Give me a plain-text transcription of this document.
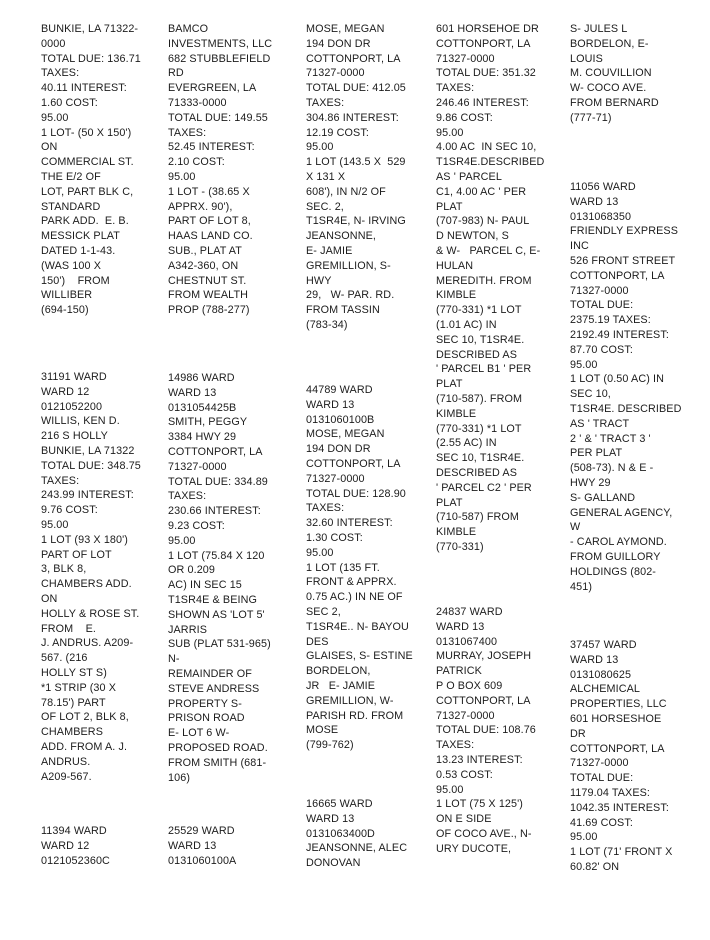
BUNKIE, LA 71322-
0000
TOTAL DUE: 136.71
TAXES:
40.11 INTEREST:
1.60 COST:
95.00
1 LOT- (50 X 150')
ON
COMMERCIAL ST.
THE E/2 OF
LOT, PART BLK C,
STANDARD
PARK ADD.  E. B.
MESSICK PLAT
DATED 1-1-43.
(WAS 100 X
150')    FROM
WILLIBER
(694-150)
31191 WARD
WARD 12
0121052200
WILLIS, KEN D.
216 S HOLLY
BUNKIE, LA 71322
TOTAL DUE: 348.75
TAXES:
243.99 INTEREST:
9.76 COST:
95.00
1 LOT (93 X 180')
PART OF LOT
3, BLK 8,
CHAMBERS ADD.
ON
HOLLY & ROSE ST.
FROM    E.
J. ANDRUS. A209-
567. (216
HOLLY ST S)
*1 STRIP (30 X
78.15') PART
OF LOT 2, BLK 8,
CHAMBERS
ADD. FROM A. J.
ANDRUS.
A209-567.
11394 WARD
WARD 12
0121052360C
BAMCO
INVESTMENTS, LLC
682 STUBBLEFIELD
RD
EVERGREEN, LA
71333-0000
TOTAL DUE: 149.55
TAXES:
52.45 INTEREST:
2.10 COST:
95.00
1 LOT - (38.65 X
APPRX. 90'),
PART OF LOT 8,
HAAS LAND CO.
SUB., PLAT AT
A342-360, ON
CHESTNUT ST.
FROM WEALTH
PROP (788-277)
14986 WARD
WARD 13
0131054425B
SMITH, PEGGY
3384 HWY 29
COTTONPORT, LA
71327-0000
TOTAL DUE: 334.89
TAXES:
230.66 INTEREST:
9.23 COST:
95.00
1 LOT (75.84 X 120
OR 0.209
AC) IN SEC 15
T1SR4E & BEING
SHOWN AS 'LOT 5'
JARRIS
SUB (PLAT 531-965)
N-
REMAINDER OF
STEVE ANDRESS
PROPERTY S-
PRISON ROAD
E- LOT 6 W-
PROPOSED ROAD.
FROM SMITH (681-
106)
25529 WARD
WARD 13
0131060100A
MOSE, MEGAN
194 DON DR
COTTONPORT, LA
71327-0000
TOTAL DUE: 412.05
TAXES:
304.86 INTEREST:
12.19 COST:
95.00
1 LOT (143.5 X  529
X 131 X
608'), IN N/2 OF
SEC. 2,
T1SR4E, N- IRVING
JEANSONNE,
E- JAMIE
GREMILLION, S-
HWY
29,   W- PAR. RD.
FROM TASSIN
(783-34)
44789 WARD
WARD 13
0131060100B
MOSE, MEGAN
194 DON DR
COTTONPORT, LA
71327-0000
TOTAL DUE: 128.90
TAXES:
32.60 INTEREST:
1.30 COST:
95.00
1 LOT (135 FT.
FRONT & APPRX.
0.75 AC.) IN NE OF
SEC 2,
T1SR4E.. N- BAYOU
DES
GLAISES, S- ESTINE
BORDELON,
JR   E- JAMIE
GREMILLION, W-
PARISH RD. FROM
MOSE
(799-762)
16665 WARD
WARD 13
0131063400D
JEANSONNE, ALEC
DONOVAN
601 HORSEHOE DR
COTTONPORT, LA
71327-0000
TOTAL DUE: 351.32
TAXES:
246.46 INTEREST:
9.86 COST:
95.00
4.00 AC  IN SEC 10,
T1SR4E.DESCRIBED
AS ' PARCEL
C1, 4.00 AC ' PER
PLAT
(707-983) N- PAUL
D NEWTON, S
& W-   PARCEL C, E-
HULAN
MEREDITH. FROM
KIMBLE
(770-331) *1 LOT
(1.01 AC) IN
SEC 10, T1SR4E.
DESCRIBED AS
' PARCEL B1 ' PER
PLAT
(710-587). FROM
KIMBLE
(770-331) *1 LOT
(2.55 AC) IN
SEC 10, T1SR4E.
DESCRIBED AS
' PARCEL C2 ' PER
PLAT
(710-587) FROM
KIMBLE
(770-331)
24837 WARD
WARD 13
0131067400
MURRAY, JOSEPH
PATRICK
P O BOX 609
COTTONPORT, LA
71327-0000
TOTAL DUE: 108.76
TAXES:
13.23 INTEREST:
0.53 COST:
95.00
1 LOT (75 X 125')
ON E SIDE
OF COCO AVE., N-
URY DUCOTE,
S- JULES L
BORDELON, E-
LOUIS
M. COUVILLION
W- COCO AVE.
FROM BERNARD
(777-71)
11056 WARD
WARD 13
0131068350
FRIENDLY EXPRESS
INC
526 FRONT STREET
COTTONPORT, LA
71327-0000
TOTAL DUE:
2375.19 TAXES:
2192.49 INTEREST:
87.70 COST:
95.00
1 LOT (0.50 AC) IN
SEC 10,
T1SR4E. DESCRIBED
AS ' TRACT
2 ' & ' TRACT 3 '
PER PLAT
(508-73). N & E -
HWY 29
S- GALLAND
GENERAL AGENCY,
W
- CAROL AYMOND.
FROM GUILLORY
HOLDINGS (802-
451)
37457 WARD
WARD 13
0131080625
ALCHEMICAL
PROPERTIES, LLC
601 HORSESHOE
DR
COTTONPORT, LA
71327-0000
TOTAL DUE:
1179.04 TAXES:
1042.35 INTEREST:
41.69 COST:
95.00
1 LOT (71' FRONT X
60.82' ON
